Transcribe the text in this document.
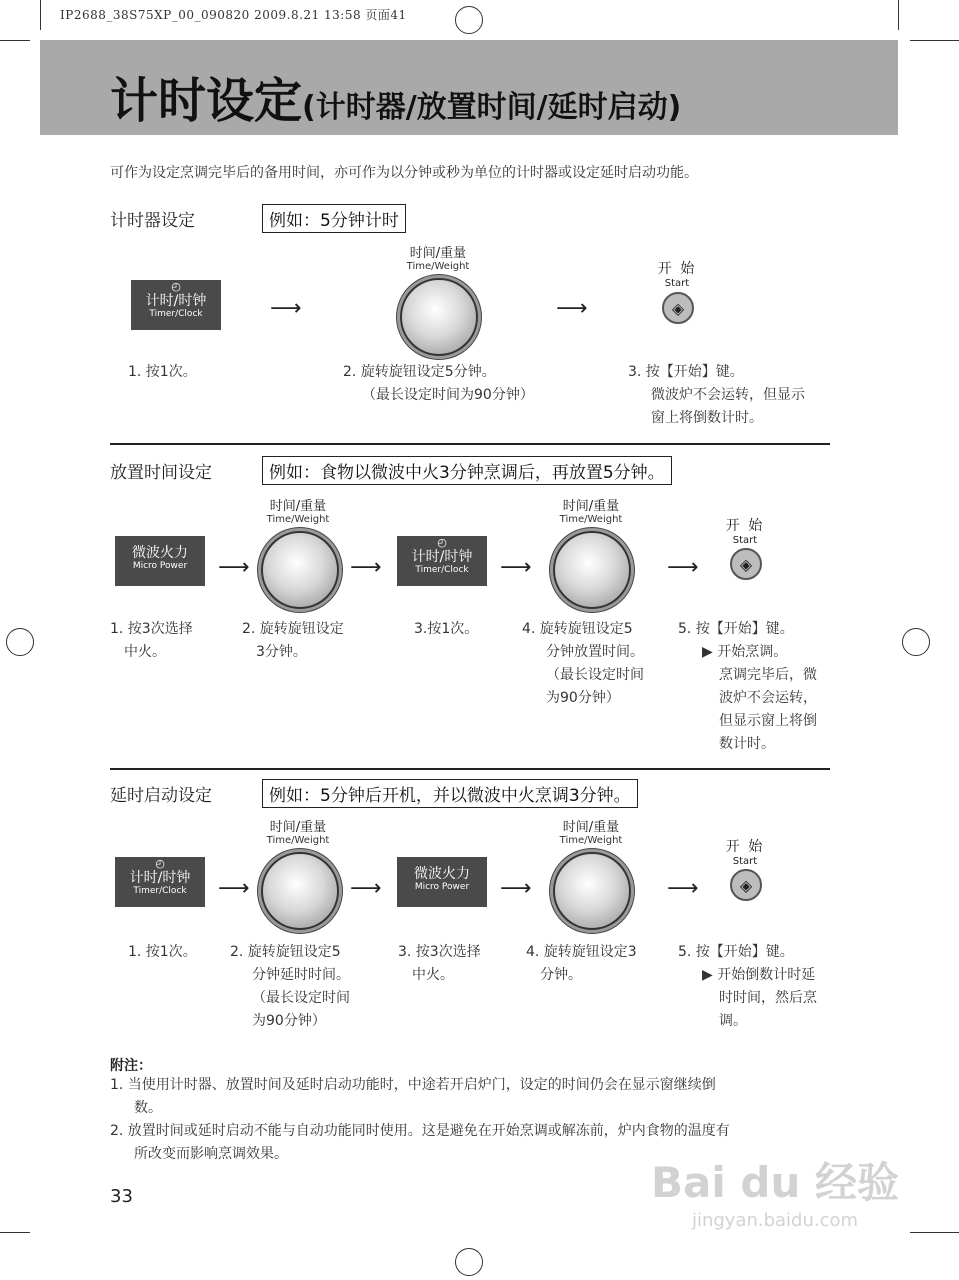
IP2688_38S75XP_00_090820 2009.8.21 13:58 页面41
计时设定(计时器/放置时间/延时启动)
可作为设定烹调完毕后的备用时间，亦可作为以分钟或秒为单位的计时器或设定延时启动功能。
计时器设定	例如：5分钟计时
◴
计时/时钟
Timer/Clock	⟶
时间/重量
Time/Weight
⟶
开 始
Start
◈
1. 按1次。	2. 旋转旋钮设定5分钟。
（最长设定时间为90分钟）
3. 按【开始】键。
微波炉不会运转，但显示
窗上将倒数计时。
放置时间设定	例如：食物以微波中火3分钟烹调后，再放置5分钟。
微波火力
Micro Power	⟶
时间/重量
Time/Weight
⟶
◴
计时/时钟
Timer/Clock	⟶
时间/重量
Time/Weight
⟶
开 始
Start
◈
1. 按3次选择
中火。
2. 旋转旋钮设定
3分钟。
3.按1次。	4. 旋转旋钮设定5
分钟放置时间。
（最长设定时间
为90分钟）
5. 按【开始】键。
▶ 开始烹调。
烹调完毕后，微
波炉不会运转，
但显示窗上将倒
数计时。
延时启动设定	例如：5分钟后开机，并以微波中火烹调3分钟。
◴
计时/时钟
Timer/Clock	⟶
时间/重量
Time/Weight
⟶
微波火力
Micro Power	⟶
时间/重量
Time/Weight
⟶
开 始
Start
◈
1. 按1次。 2. 旋转旋钮设定5
分钟延时时间。
（最长设定时间
为90分钟）
3. 按3次选择
中火。
4. 旋转旋钮设定3
分钟。
5. 按【开始】键。
▶ 开始倒数计时延
时时间，然后烹
调。
附注：
1. 当使用计时器、放置时间及延时启动功能时，中途若开启炉门，设定的时间仍会在显示窗继续倒
数。
2. 放置时间或延时启动不能与自动功能同时使用。这是避免在开始烹调或解冻前，炉内食物的温度有
所改变而影响烹调效果。
33	Bai du 经验
jingyan.baidu.com
